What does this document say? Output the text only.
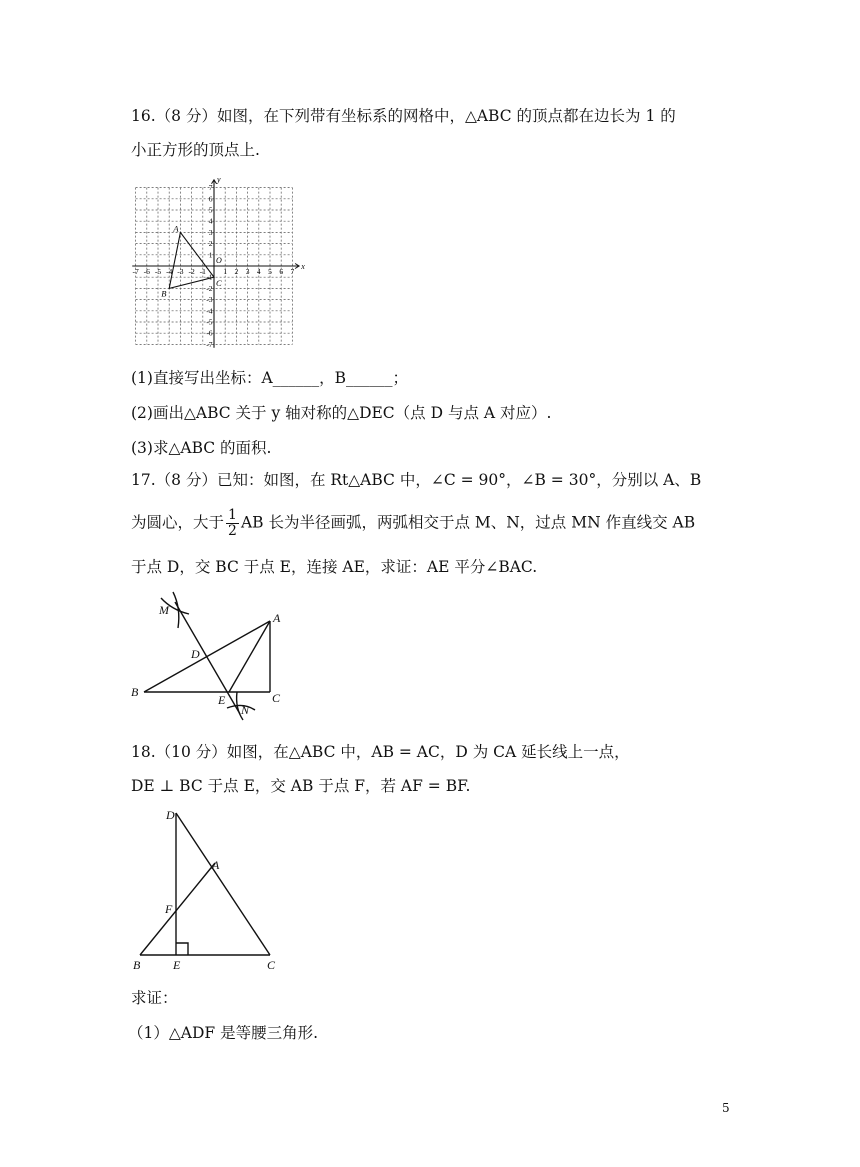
16.（8 分）如图，在下列带有坐标系的网格中，△ABC 的顶点都在边长为 1 的
小正方形的顶点上.
x
y
O
-7 -6 -5 -4 -3 -2 -1 1 2 3 4 5 6 7
7
6
5
4
3
2
1
-1
-2
-3
-4
-5
-6
-7
A
B
C
(1)直接写出坐标：A______，B______；
(2)画出△ABC 关于 y 轴对称的△DEC（点 D 与点 A 对应）.
(3)求△ABC 的面积.
17.（8 分）已知：如图，在 Rt△ABC 中，∠C = 90°，∠B = 30°，分别以 A、B
为圆心，大于 $\frac{1}{2}$ AB 长为半径画弧，两弧相交于点 M、N，过点 MN 作直线交 AB
于点 D，交 BC 于点 E，连接 AE，求证：AE 平分∠BAC.
M
A
D
B
E
N
C
18.（10 分）如图，在△ABC 中，AB = AC，D 为 CA 延长线上一点，
DE ⊥ BC 于点 E，交 AB 于点 F，若 AF = BF.
D
A
F
B	E	C
求证：
（1）△ADF 是等腰三角形.
5
